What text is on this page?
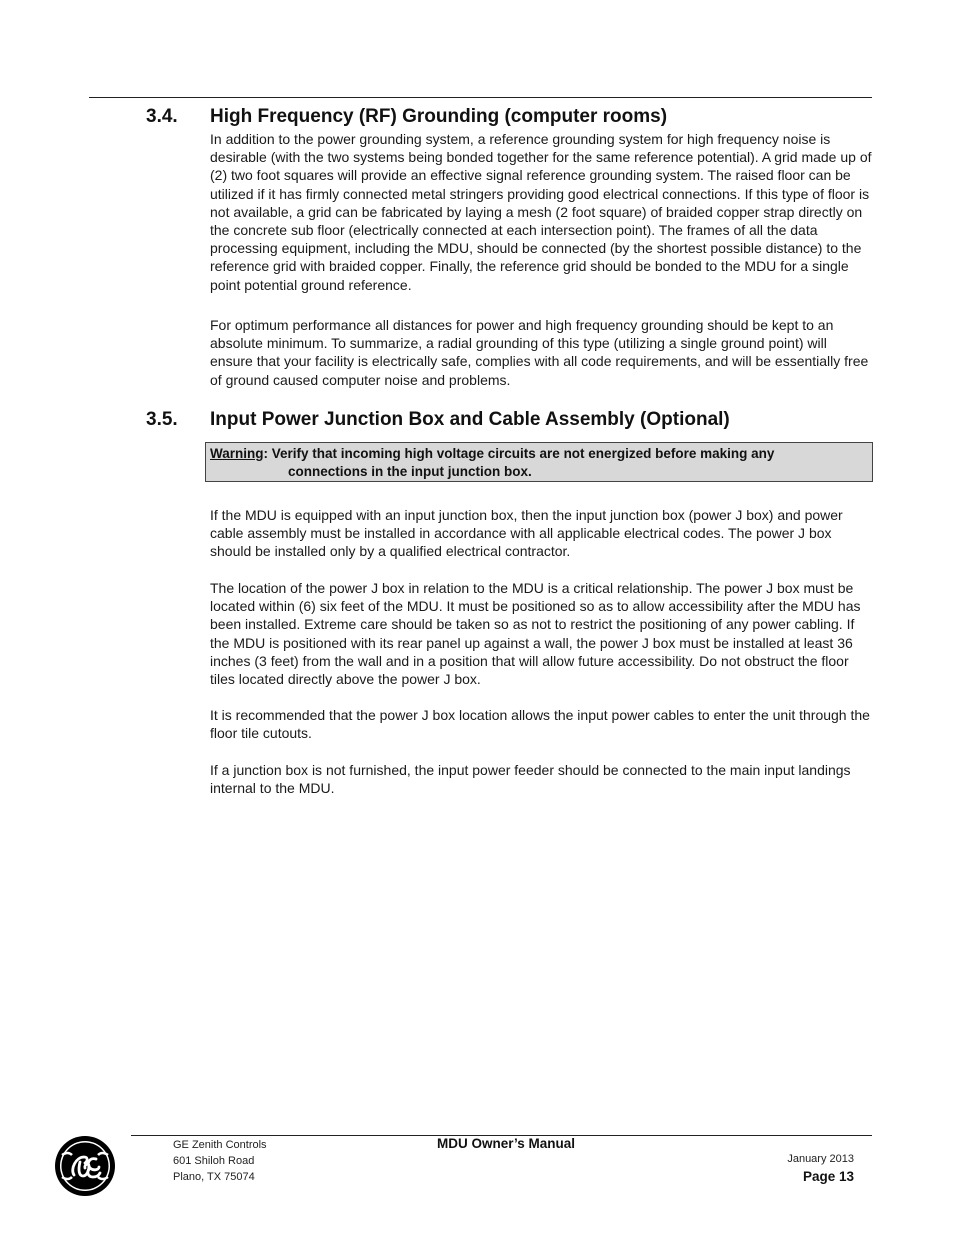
3.4. High Frequency (RF) Grounding (computer rooms)

In addition to the power grounding system, a reference grounding system for high frequency noise is desirable (with the two systems being bonded together for the same reference potential). A grid made up of (2) two foot squares will provide an effective signal reference grounding system. The raised floor can be utilized if it has firmly connected metal stringers providing good electrical connections. If this type of floor is not available, a grid can be fabricated by laying a mesh (2 foot square) of braided copper strap directly on the concrete sub floor (electrically connected at each intersection point). The frames of all the data processing equipment, including the MDU, should be connected (by the shortest possible distance) to the reference grid with braided copper. Finally, the reference grid should be bonded to the MDU for a single point potential ground reference.

For optimum performance all distances for power and high frequency grounding should be kept to an absolute minimum. To summarize, a radial grounding of this type (utilizing a single ground point) will ensure that your facility is electrically safe, complies with all code requirements, and will be essentially free of ground caused computer noise and problems.

3.5. Input Power Junction Box and Cable Assembly (Optional)
Warning: Verify that incoming high voltage circuits are not energized before making any
connections in the input junction box.

If the MDU is equipped with an input junction box, then the input junction box (power J box) and power cable assembly must be installed in accordance with all applicable electrical codes. The power J box should be installed only by a qualified electrical contractor.

The location of the power J box in relation to the MDU is a critical relationship. The power J box must be located within (6) six feet of the MDU. It must be positioned so as to allow accessibility after the MDU has been installed. Extreme care should be taken so as not to restrict the positioning of any power cabling. If the MDU is positioned with its rear panel up against a wall, the power J box must be installed at least 36 inches (3 feet) from the wall and in a position that will allow future accessibility. Do not obstruct the floor tiles located directly above the power J box.

It is recommended that the power J box location allows the input power cables to enter the unit through the floor tile cutouts.

If a junction box is not furnished, the input power feeder should be connected to the main input landings internal to the MDU.

GE Zenith Controls
601 Shiloh Road
Plano, TX 75074
MDU Owner’s Manual
January 2013
Page 13
